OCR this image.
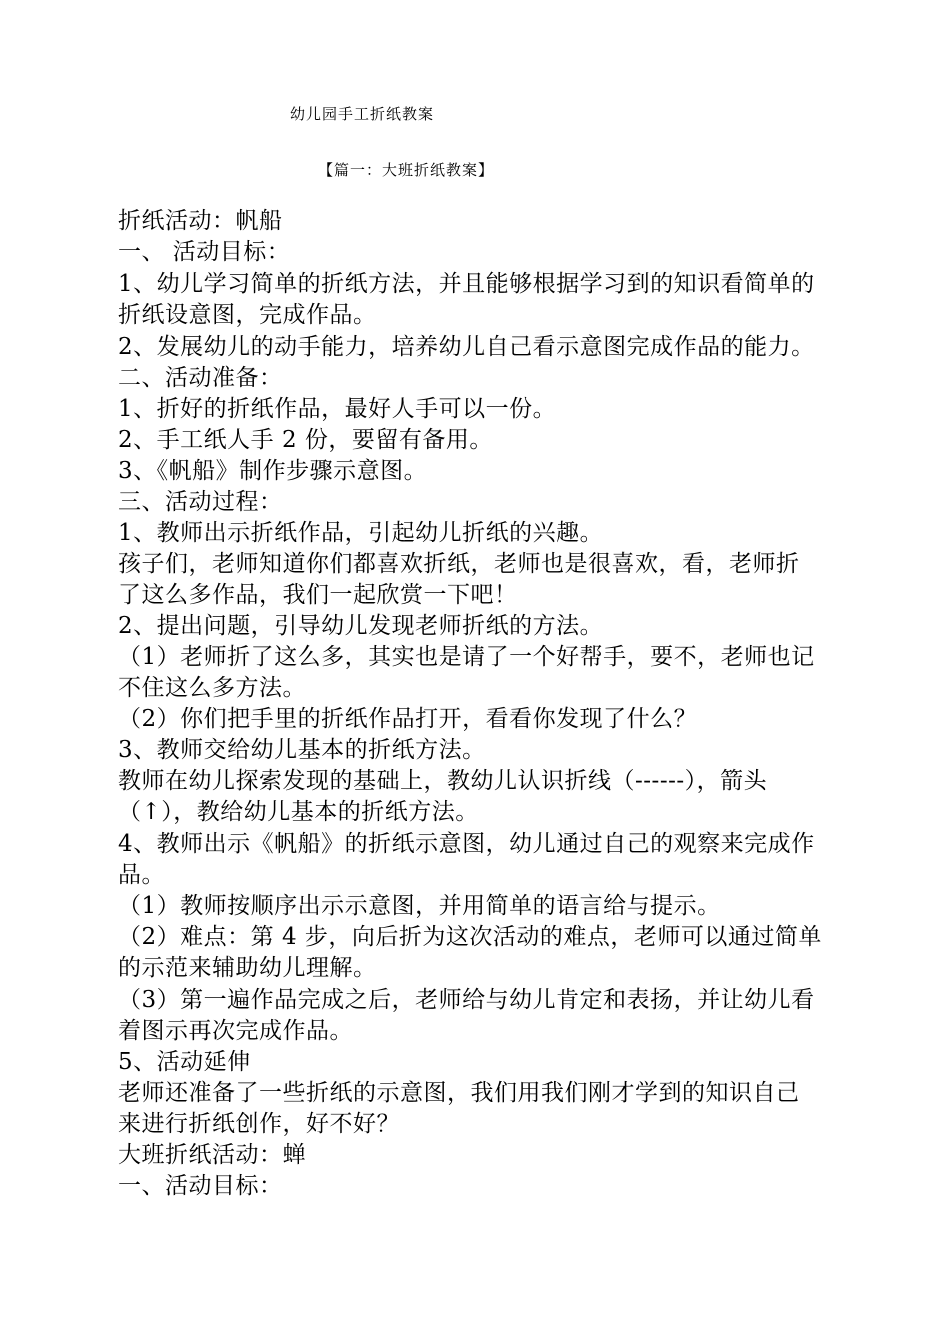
幼儿园手工折纸教案
【篇一：大班折纸教案】
折纸活动：帆船
一、 活动目标：
1、幼儿学习简单的折纸方法，并且能够根据学习到的知识看简单的
折纸设意图，完成作品。
2、发展幼儿的动手能力，培养幼儿自己看示意图完成作品的能力。
二、活动准备：
1、折好的折纸作品，最好人手可以一份。
2、手工纸人手 2 份，要留有备用。
3、《帆船》制作步骤示意图。
三、活动过程：
1、教师出示折纸作品，引起幼儿折纸的兴趣。
孩子们，老师知道你们都喜欢折纸，老师也是很喜欢，看，老师折
了这么多作品，我们一起欣赏一下吧！
2、提出问题，引导幼儿发现老师折纸的方法。
（1）老师折了这么多，其实也是请了一个好帮手，要不，老师也记
不住这么多方法。
（2）你们把手里的折纸作品打开，看看你发现了什么？
3、教师交给幼儿基本的折纸方法。
教师在幼儿探索发现的基础上，教幼儿认识折线（------），箭头
（↑），教给幼儿基本的折纸方法。
4、教师出示《帆船》的折纸示意图，幼儿通过自己的观察来完成作
品。
（1）教师按顺序出示示意图，并用简单的语言给与提示。
（2）难点：第 4 步，向后折为这次活动的难点，老师可以通过简单
的示范来辅助幼儿理解。
（3）第一遍作品完成之后，老师给与幼儿肯定和表扬，并让幼儿看
着图示再次完成作品。
5、活动延伸
老师还准备了一些折纸的示意图，我们用我们刚才学到的知识自己
来进行折纸创作，好不好？
大班折纸活动：蝉
一、活动目标：
